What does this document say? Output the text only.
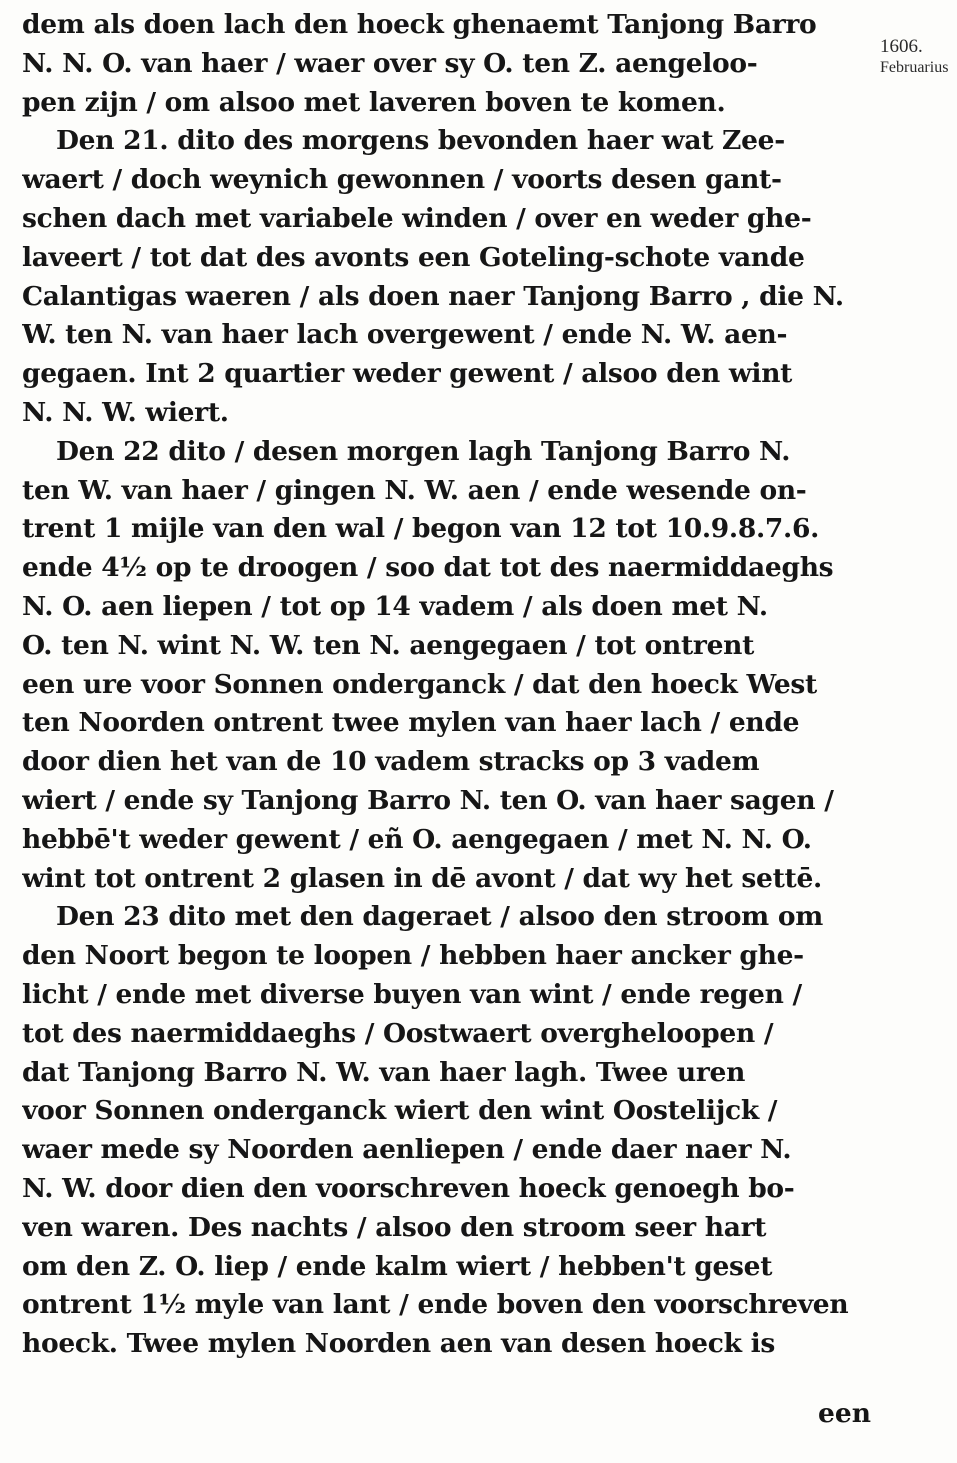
1606.
Februarius
dem als doen lach den hoeck ghenaemt Tanjong Barro
N. N. O. van haer / waer over sy O. ten Z. aengeloo-
pen zijn / om alsoo met laveren boven te komen.
Den 21. dito des morgens bevonden haer wat Zee-
waert / doch weynich gewonnen / voorts desen gant-
schen dach met variabele winden / over en weder ghe-
laveert / tot dat des avonts een Goteling-schote vande
Calantigas waeren / als doen naer Tanjong Barro , die N.
W. ten N. van haer lach overgewent / ende N. W. aen-
gegaen. Int 2 quartier weder gewent / alsoo den wint
N. N. W. wiert.
Den 22 dito / desen morgen lagh Tanjong Barro N.
ten W. van haer / gingen N. W. aen / ende wesende on-
trent 1 mijle van den wal / begon van 12 tot 10.9.8.7.6.
ende 4½ op te droogen / soo dat tot des naermiddaeghs
N. O. aen liepen / tot op 14 vadem / als doen met N.
O. ten N. wint N. W. ten N. aengegaen / tot ontrent
een ure voor Sonnen onderganck / dat den hoeck West
ten Noorden ontrent twee mylen van haer lach / ende
door dien het van de 10 vadem stracks op 3 vadem
wiert / ende sy Tanjong Barro N. ten O. van haer sagen /
hebbē't weder gewent / eñ O. aengegaen / met N. N. O.
wint tot ontrent 2 glasen in dē avont / dat wy het settē.
Den 23 dito met den dageraet / alsoo den stroom om
den Noort begon te loopen / hebben haer ancker ghe-
licht / ende met diverse buyen van wint / ende regen /
tot des naermiddaeghs / Oostwaert overgheloopen /
dat Tanjong Barro N. W. van haer lagh. Twee uren
voor Sonnen onderganck wiert den wint Oostelijck /
waer mede sy Noorden aenliepen / ende daer naer N.
N. W. door dien den voorschreven hoeck genoegh bo-
ven waren. Des nachts / alsoo den stroom seer hart
om den Z. O. liep / ende kalm wiert / hebben't geset
ontrent 1½ myle van lant / ende boven den voorschreven
hoeck. Twee mylen Noorden aen van desen hoeck is
een
